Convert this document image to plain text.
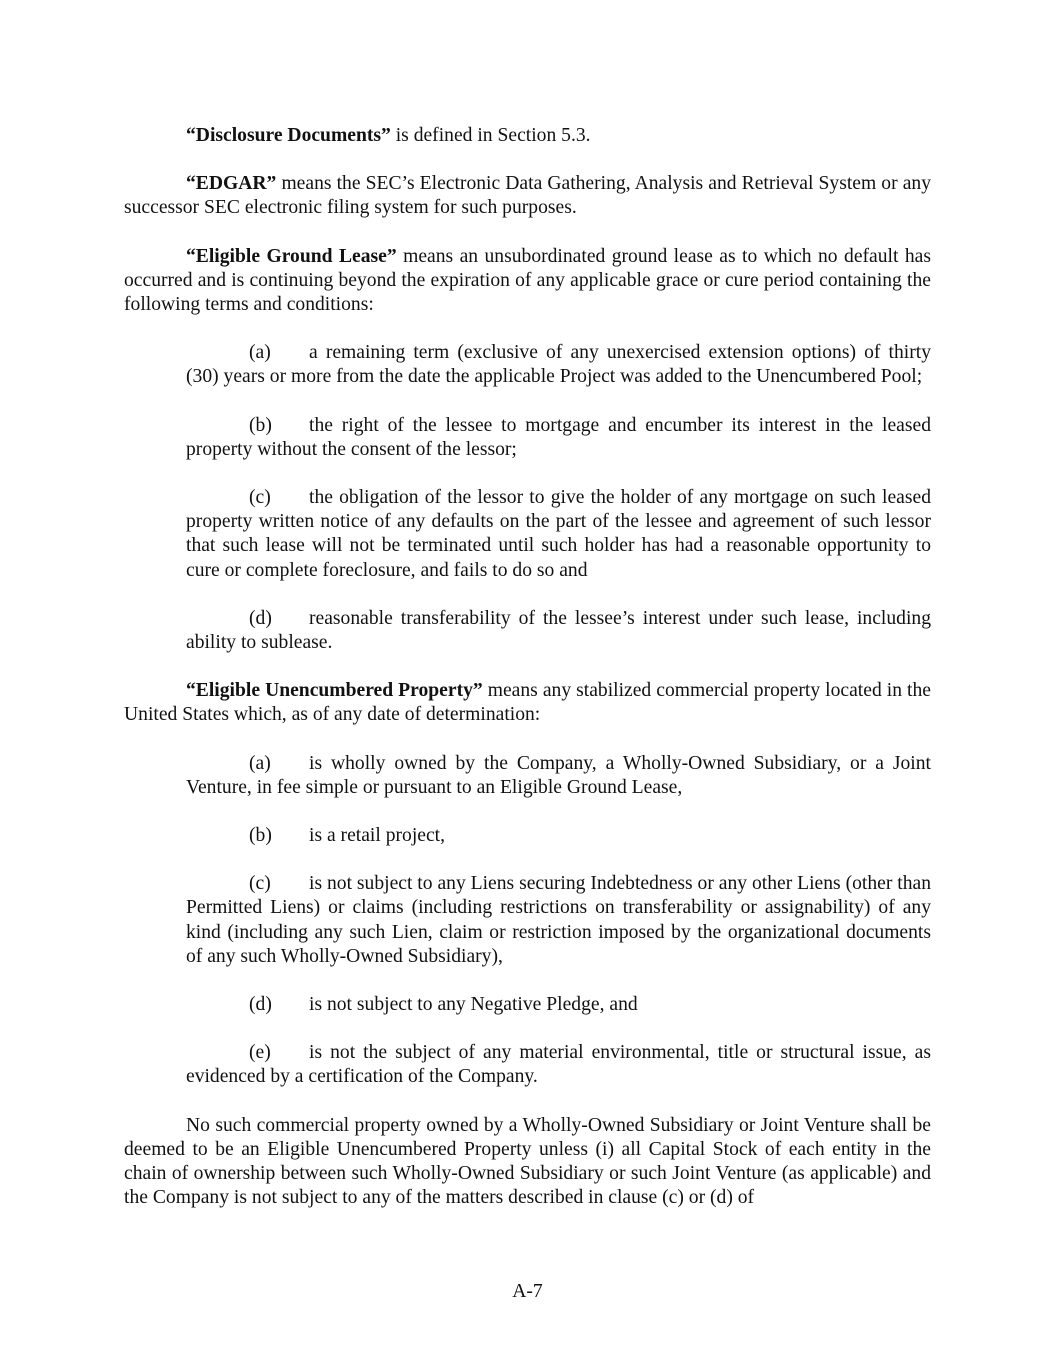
“Disclosure Documents” is defined in Section 5.3.

“EDGAR” means the SEC’s Electronic Data Gathering, Analysis and Retrieval System or any successor SEC electronic filing system for such purposes.

“Eligible Ground Lease” means an unsubordinated ground lease as to which no default has occurred and is continuing beyond the expiration of any applicable grace or cure period containing the following terms and conditions:

(a) a remaining term (exclusive of any unexercised extension options) of thirty (30) years or more from the date the applicable Project was added to the Unencumbered Pool;

(b) the right of the lessee to mortgage and encumber its interest in the leased property without the consent of the lessor;

(c) the obligation of the lessor to give the holder of any mortgage on such leased property written notice of any defaults on the part of the lessee and agreement of such lessor that such lease will not be terminated until such holder has had a reasonable opportunity to cure or complete foreclosure, and fails to do so and

(d) reasonable transferability of the lessee’s interest under such lease, including ability to sublease.

“Eligible Unencumbered Property” means any stabilized commercial property located in the United States which, as of any date of determination:

(a) is wholly owned by the Company, a Wholly-Owned Subsidiary, or a Joint Venture, in fee simple or pursuant to an Eligible Ground Lease,

(b) is a retail project,

(c) is not subject to any Liens securing Indebtedness or any other Liens (other than Permitted Liens) or claims (including restrictions on transferability or assignability) of any kind (including any such Lien, claim or restriction imposed by the organizational documents of any such Wholly-Owned Subsidiary),

(d) is not subject to any Negative Pledge, and

(e) is not the subject of any material environmental, title or structural issue, as evidenced by a certification of the Company.

No such commercial property owned by a Wholly-Owned Subsidiary or Joint Venture shall be deemed to be an Eligible Unencumbered Property unless (i) all Capital Stock of each entity in the chain of ownership between such Wholly-Owned Subsidiary or such Joint Venture (as applicable) and the Company is not subject to any of the matters described in clause (c) or (d) of

A-7
